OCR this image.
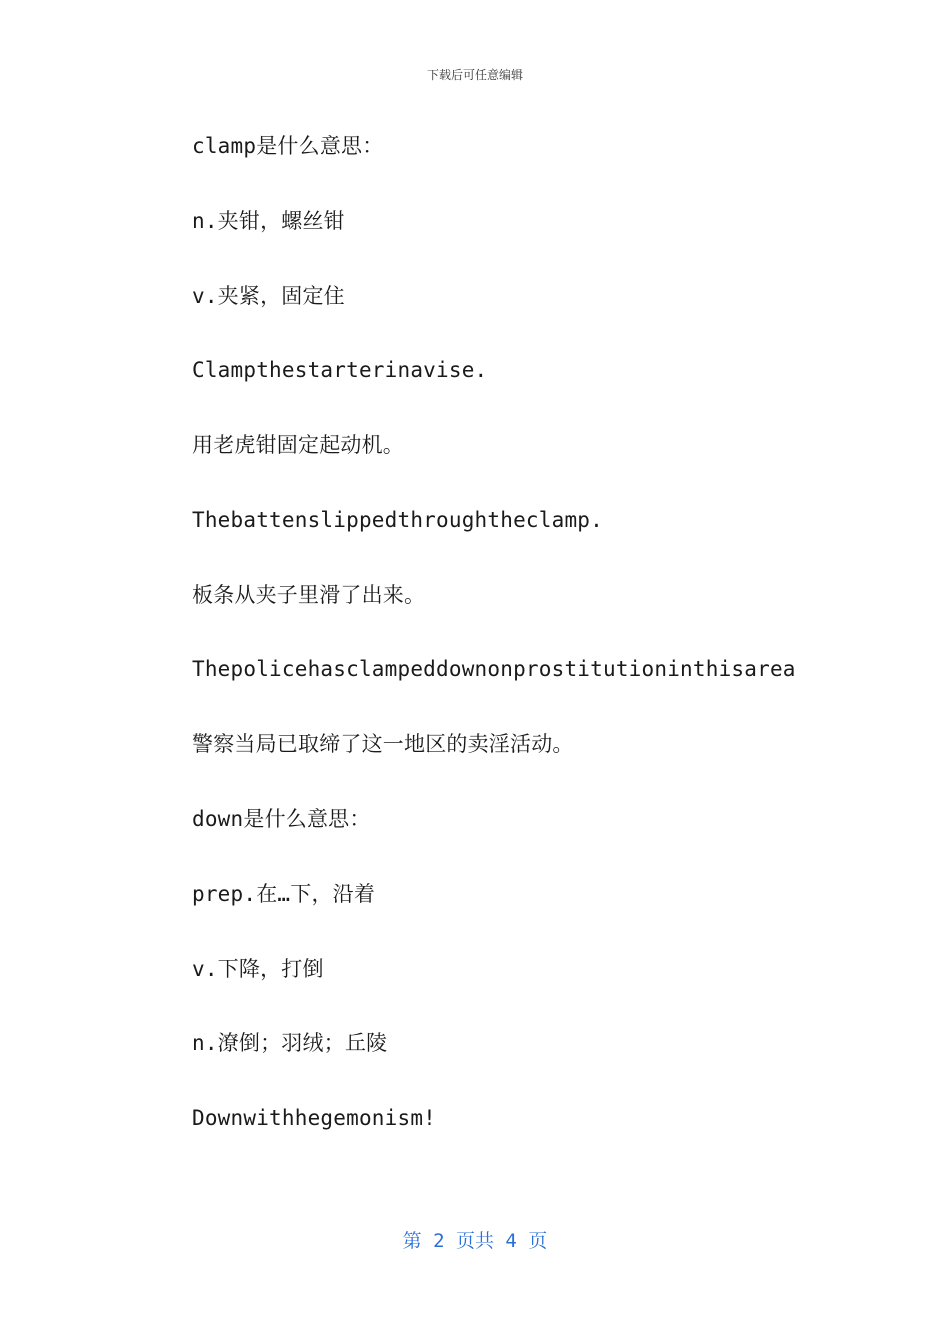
下载后可任意编辑
clamp是什么意思：
n.夹钳，螺丝钳
v.夹紧，固定住
Clampthestarterinavise.
用老虎钳固定起动机。
Thebattenslippedthroughtheclamp.
板条从夹子里滑了出来。
Thepolicehasclampeddownonprostitutioninthisarea
警察当局已取缔了这一地区的卖淫活动。
down是什么意思：
prep.在…下，沿着
v.下降，打倒
n.潦倒；羽绒；丘陵
Downwithhegemonism!
第 2 页共 4 页
